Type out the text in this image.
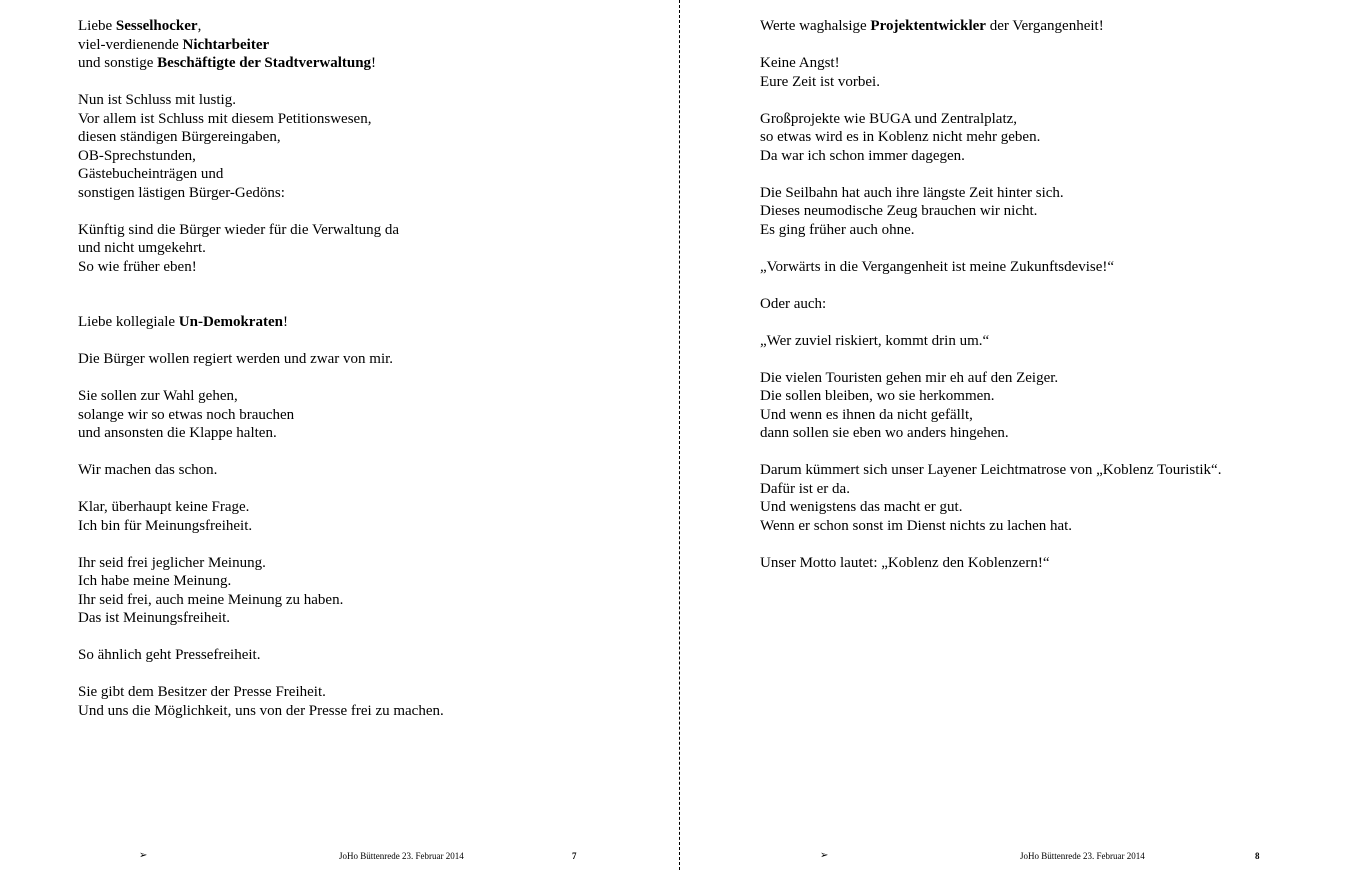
Liebe Sesselhocker,
viel-verdienende Nichtarbeiter
und sonstige Beschäftigte der Stadtverwaltung!
Nun ist Schluss mit lustig.
Vor allem ist Schluss mit diesem Petitionswesen,
diesen ständigen Bürgereingaben,
OB-Sprechstunden,
Gästebucheinträgen und
sonstigen lästigen Bürger-Gedöns:
Künftig sind die Bürger wieder für die Verwaltung da
und nicht umgekehrt.
So wie früher eben!
Liebe kollegiale Un-Demokraten!
Die Bürger wollen regiert werden und zwar von mir.
Sie sollen zur Wahl gehen,
solange wir so etwas noch brauchen
und ansonsten die Klappe halten.
Wir machen das schon.
Klar, überhaupt keine Frage.
Ich bin für Meinungsfreiheit.
Ihr seid frei jeglicher Meinung.
Ich habe meine Meinung.
Ihr seid frei, auch meine Meinung zu haben.
Das ist Meinungsfreiheit.
So ähnlich geht Pressefreiheit.
Sie gibt dem Besitzer der Presse Freiheit.
Und uns die Möglichkeit, uns von der Presse frei zu machen.
➢	JoHo Büttenrede 23. Februar 2014	7
Werte waghalsige Projektentwickler der Vergangenheit!
Keine Angst!
Eure Zeit ist vorbei.
Großprojekte wie BUGA und Zentralplatz,
so etwas wird es in Koblenz nicht mehr geben.
Da war ich schon immer dagegen.
Die Seilbahn hat auch ihre längste Zeit hinter sich.
Dieses neumodische Zeug brauchen wir nicht.
Es ging früher auch ohne.
„Vorwärts in die Vergangenheit ist meine Zukunftsdevise!“
Oder auch:
„Wer zuviel riskiert, kommt drin um.“
Die vielen Touristen gehen mir eh auf den Zeiger.
Die sollen bleiben, wo sie herkommen.
Und wenn es ihnen da nicht gefällt,
dann sollen sie eben wo anders hingehen.
Darum kümmert sich unser Layener Leichtmatrose von „Koblenz Touristik“.
Dafür ist er da.
Und wenigstens das macht er gut.
Wenn er schon sonst im Dienst nichts zu lachen hat.
Unser Motto lautet: „Koblenz den Koblenzern!“
➢	JoHo Büttenrede 23. Februar 2014	8
